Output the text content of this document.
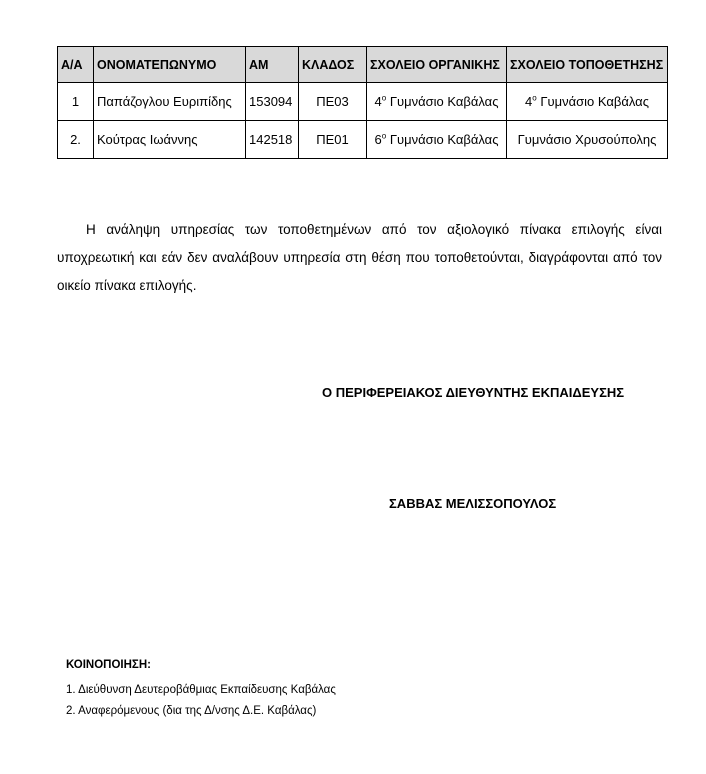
Α/Α	ΟΝΟΜΑΤΕΠΩΝΥΜΟ	ΑΜ	ΚΛΑΔΟΣ	ΣΧΟΛΕΙΟ ΟΡΓΑΝΙΚΗΣ	ΣΧΟΛΕΙΟ ΤΟΠΟΘΕΤΗΣΗΣ
1	Παπάζογλου Ευριπίδης	153094	ΠΕ03	$4^o$ Γυμνάσιο Καβάλας	$4^o$ Γυμνάσιο Καβάλας
2.	Κούτρας Ιωάννης	142518	ΠΕ01	$6^o$ Γυμνάσιο Καβάλας	Γυμνάσιο Χρυσούπολης

Η ανάληψη υπηρεσίας των τοποθετημένων από τον αξιολογικό πίνακα επιλογής είναι υποχρεωτική και εάν δεν αναλάβουν υπηρεσία στη θέση που τοποθετούνται, διαγράφονται από τον οικείο πίνακα επιλογής.

Ο ΠΕΡΙΦΕΡΕΙΑΚΟΣ ΔΙΕΥΘΥΝΤΗΣ ΕΚΠΑΙΔΕΥΣΗΣ
ΣΑΒΒΑΣ ΜΕΛΙΣΣΟΠΟΥΛΟΣ
ΚΟΙΝΟΠΟΙΗΣΗ:
1. Διεύθυνση Δευτεροβάθμιας Εκπαίδευσης Καβάλας
2. Αναφερόμενους (δια της Δ/νσης Δ.Ε. Καβάλας)
